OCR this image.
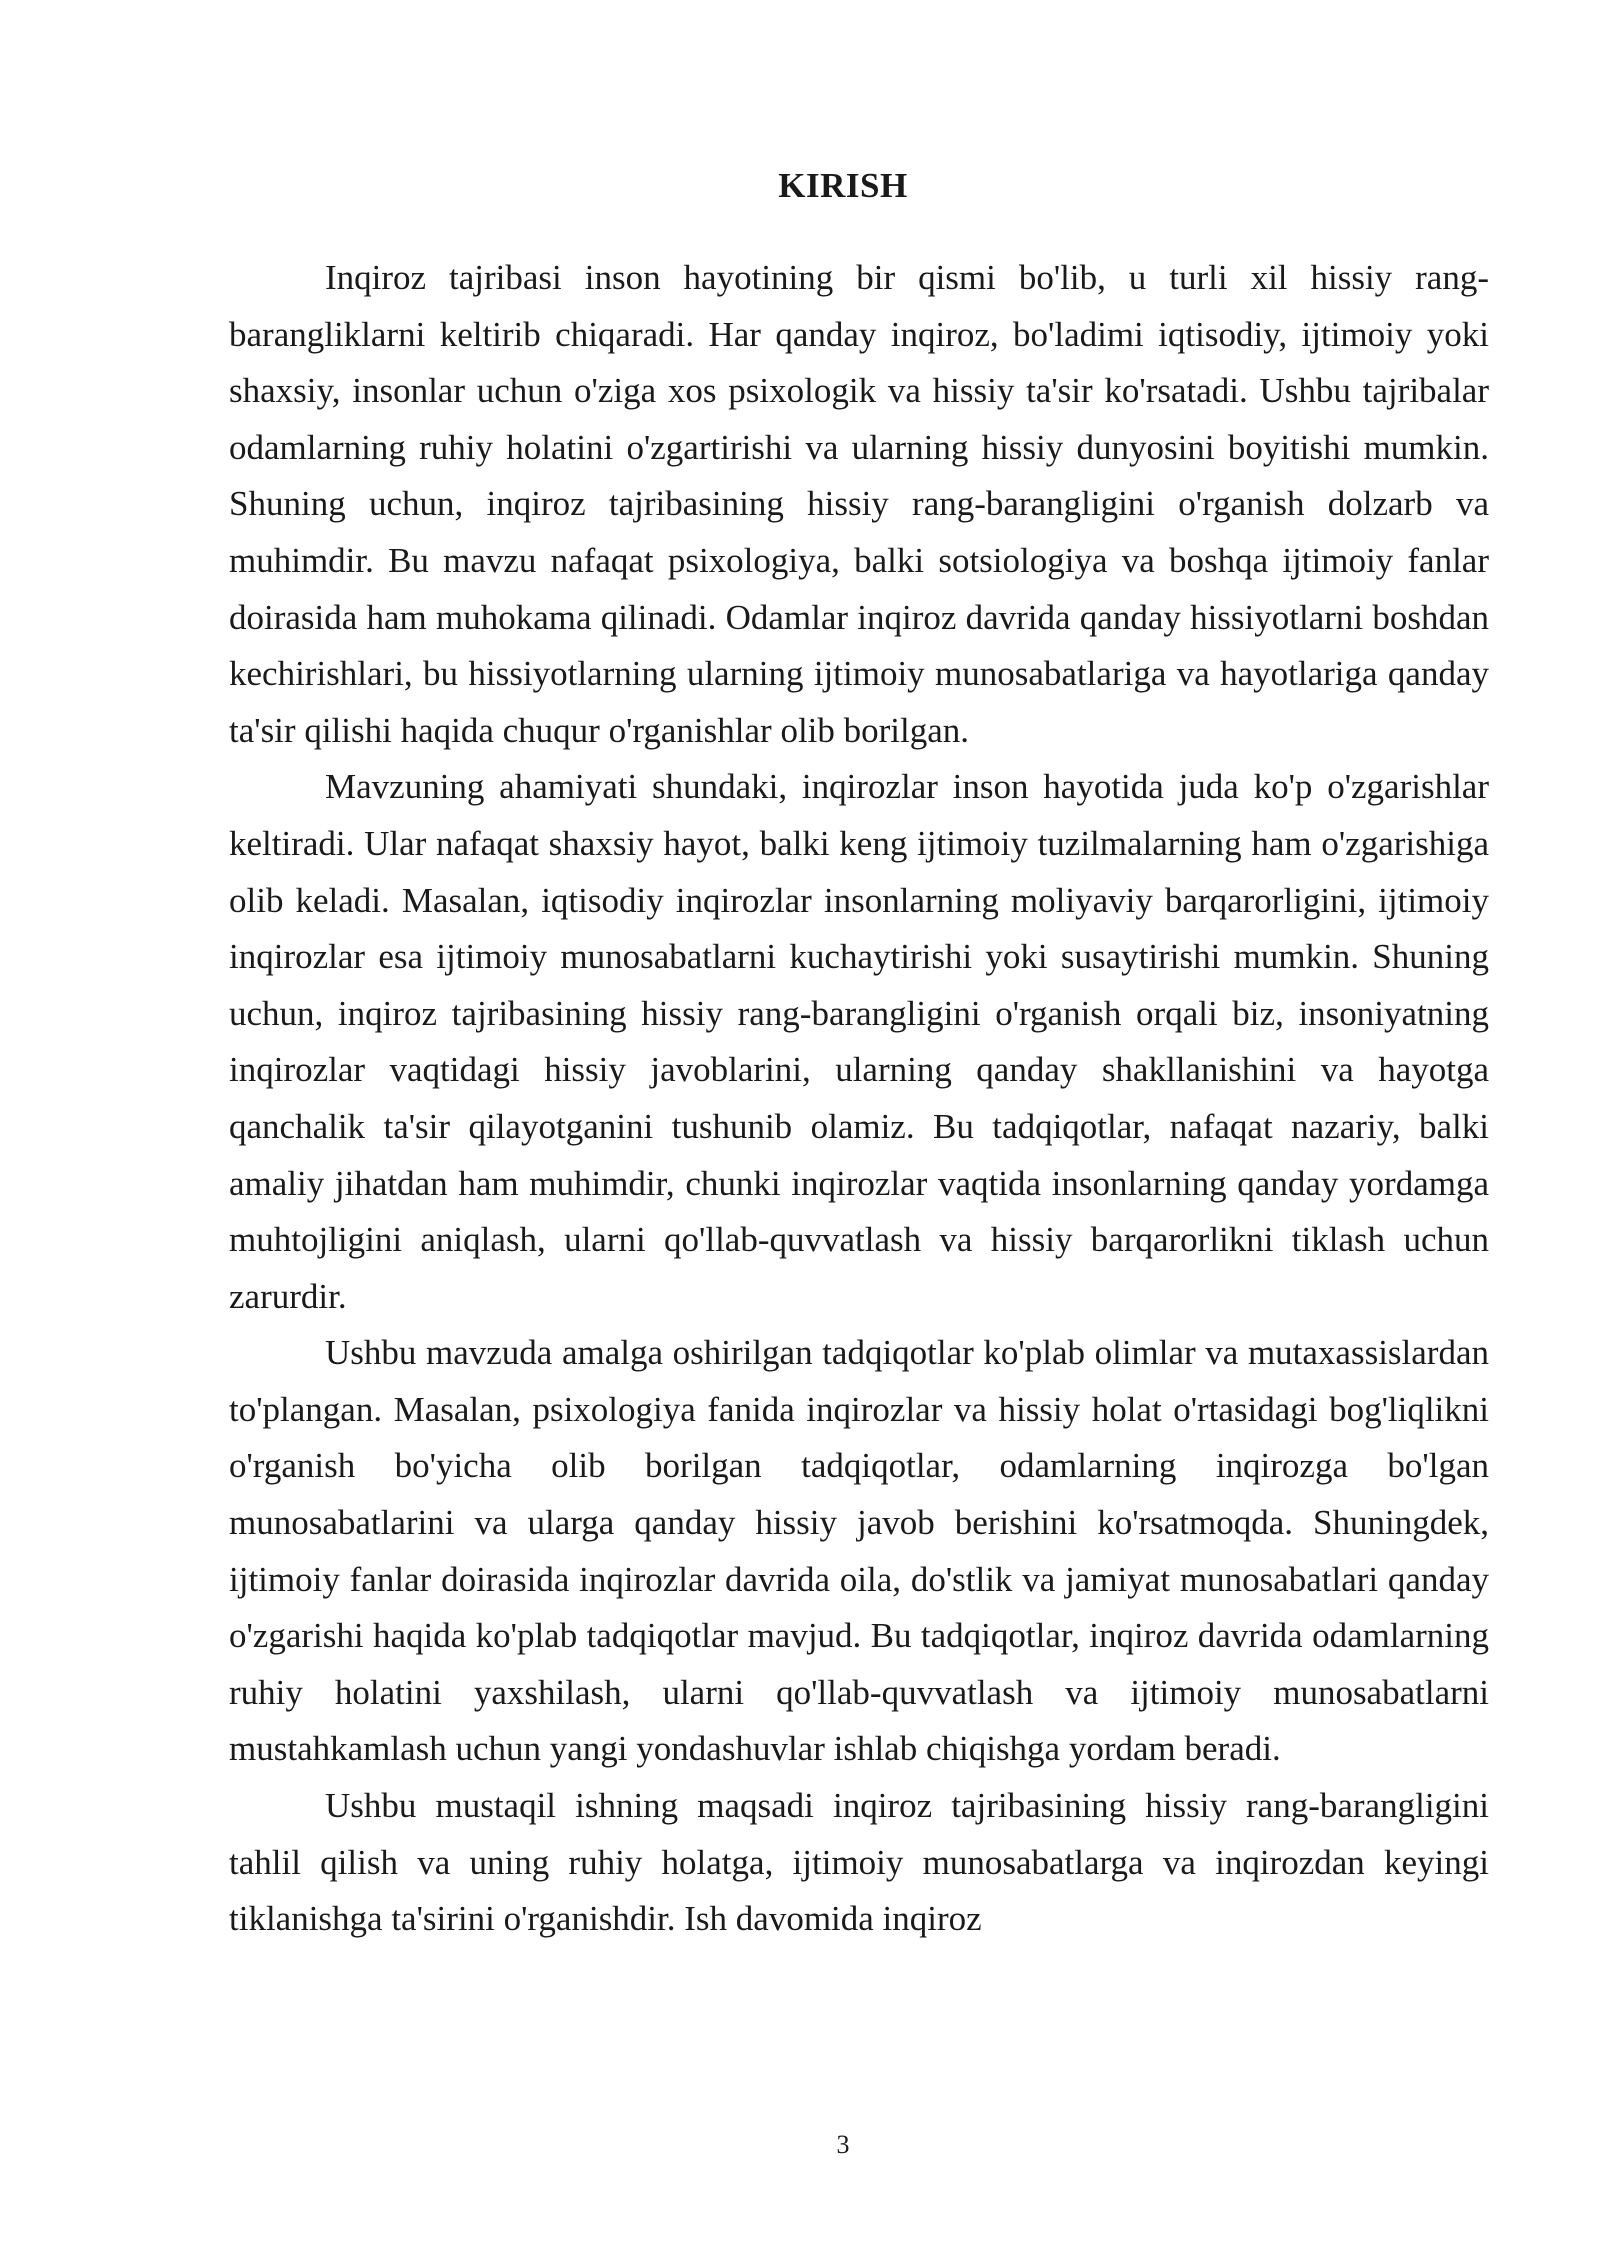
KIRISH

Inqiroz tajribasi inson hayotining bir qismi bo'lib, u turli xil hissiy rang-barangliklarni keltirib chiqaradi. Har qanday inqiroz, bo'ladimi iqtisodiy, ijtimoiy yoki shaxsiy, insonlar uchun o'ziga xos psixologik va hissiy ta'sir ko'rsatadi. Ushbu tajribalar odamlarning ruhiy holatini o'zgartirishi va ularning hissiy dunyosini boyitishi mumkin. Shuning uchun, inqiroz tajribasining hissiy rang-barangligini o'rganish dolzarb va muhimdir. Bu mavzu nafaqat psixologiya, balki sotsiologiya va boshqa ijtimoiy fanlar doirasida ham muhokama qilinadi. Odamlar inqiroz davrida qanday hissiyotlarni boshdan kechirishlari, bu hissiyotlarning ularning ijtimoiy munosabatlariga va hayotlariga qanday ta'sir qilishi haqida chuqur o'rganishlar olib borilgan.

Mavzuning ahamiyati shundaki, inqirozlar inson hayotida juda ko'p o'zgarishlar keltiradi. Ular nafaqat shaxsiy hayot, balki keng ijtimoiy tuzilmalarning ham o'zgarishiga olib keladi. Masalan, iqtisodiy inqirozlar insonlarning moliyaviy barqarorligini, ijtimoiy inqirozlar esa ijtimoiy munosabatlarni kuchaytirishi yoki susaytirishi mumkin. Shuning uchun, inqiroz tajribasining hissiy rang-barangligini o'rganish orqali biz, insoniyatning inqirozlar vaqtidagi hissiy javoblarini, ularning qanday shakllanishini va hayotga qanchalik ta'sir qilayotganini tushunib olamiz. Bu tadqiqotlar, nafaqat nazariy, balki amaliy jihatdan ham muhimdir, chunki inqirozlar vaqtida insonlarning qanday yordamga muhtojligini aniqlash, ularni qo'llab-quvvatlash va hissiy barqarorlikni tiklash uchun zarurdir.

Ushbu mavzuda amalga oshirilgan tadqiqotlar ko'plab olimlar va mutaxassislardan to'plangan. Masalan, psixologiya fanida inqirozlar va hissiy holat o'rtasidagi bog'liqlikni o'rganish bo'yicha olib borilgan tadqiqotlar, odamlarning inqirozga bo'lgan munosabatlarini va ularga qanday hissiy javob berishini ko'rsatmoqda. Shuningdek, ijtimoiy fanlar doirasida inqirozlar davrida oila, do'stlik va jamiyat munosabatlari qanday o'zgarishi haqida ko'plab tadqiqotlar mavjud. Bu tadqiqotlar, inqiroz davrida odamlarning ruhiy holatini yaxshilash, ularni qo'llab-quvvatlash va ijtimoiy munosabatlarni mustahkamlash uchun yangi yondashuvlar ishlab chiqishga yordam beradi.

Ushbu mustaqil ishning maqsadi inqiroz tajribasining hissiy rang-barangligini tahlil qilish va uning ruhiy holatga, ijtimoiy munosabatlarga va inqirozdan keyingi tiklanishga ta'sirini o'rganishdir. Ish davomida inqiroz

3
